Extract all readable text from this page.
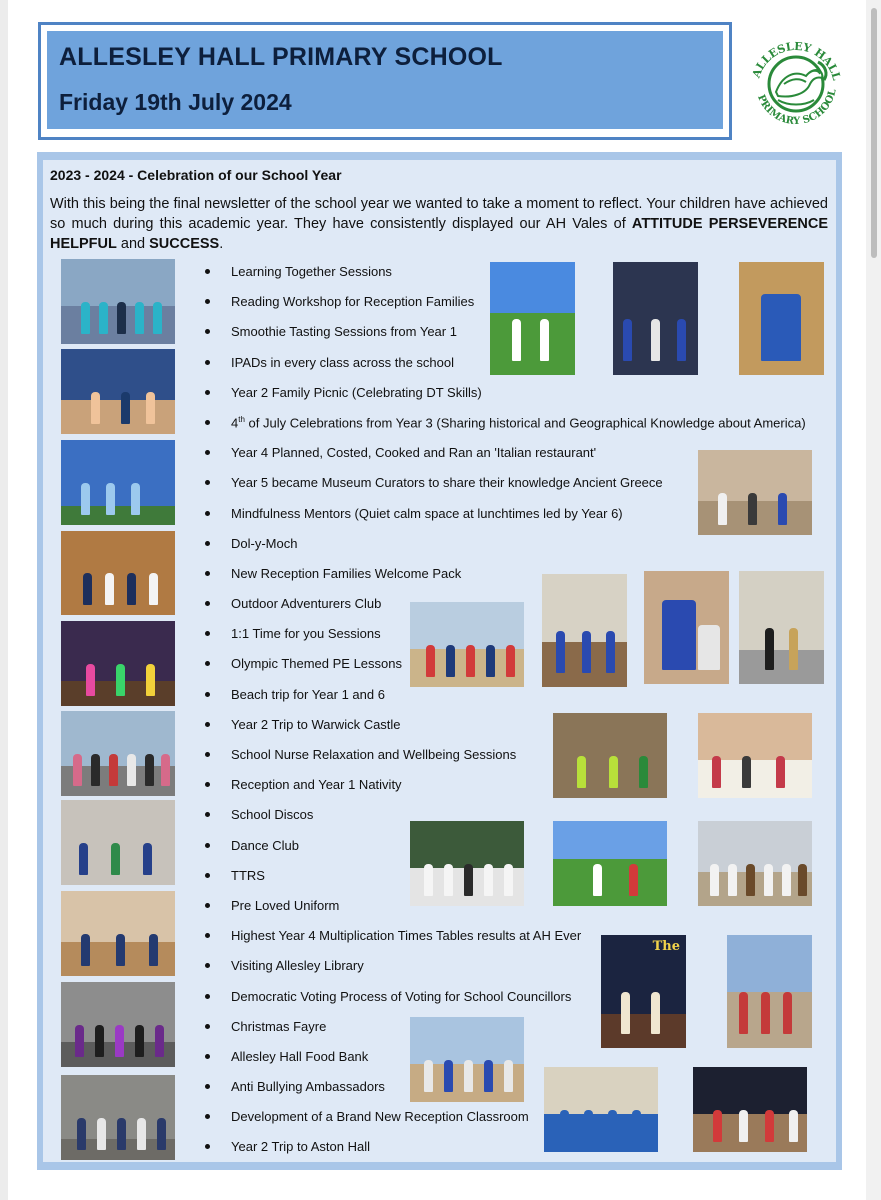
ALLESLEY HALL PRIMARY SCHOOL
Friday 19th July 2024
ALLESLEY HALL
PRIMARY SCHOOL
2023 - 2024 - Celebration of our School Year
With this being the final newsletter of the school year we wanted to take a moment to reflect. Your children have achieved so much during this academic year. They have consistently displayed our AH Vales of ATTITUDE PERSEVERENCE HELPFUL and SUCCESS.
Learning Together Sessions
Reading Workshop for Reception Families
Smoothie Tasting Sessions from Year 1
IPADs in every class across the school
Year 2 Family Picnic (Celebrating DT Skills)
4th of July Celebrations from Year 3 (Sharing historical and Geographical Knowledge about America)
Year 4 Planned, Costed, Cooked and Ran an 'Italian restaurant'
Year 5 became Museum Curators to share their knowledge Ancient Greece
Mindfulness Mentors (Quiet calm space at lunchtimes led by Year 6)
Dol-y-Moch
New Reception Families Welcome Pack
Outdoor Adventurers Club
1:1 Time for you Sessions
Olympic Themed PE Lessons
Beach trip for Year 1 and 6
Year 2 Trip to Warwick Castle
School Nurse Relaxation and Wellbeing Sessions
Reception and Year 1 Nativity
School Discos
Dance Club
TTRS
Pre Loved Uniform
Highest Year 4 Multiplication Times Tables results at AH Ever
Visiting Allesley Library
Democratic Voting Process of Voting for School Councillors
Christmas Fayre
Allesley Hall Food Bank
Anti Bullying Ambassadors
Development of a Brand New Reception Classroom
Year 2 Trip to Aston Hall
The
